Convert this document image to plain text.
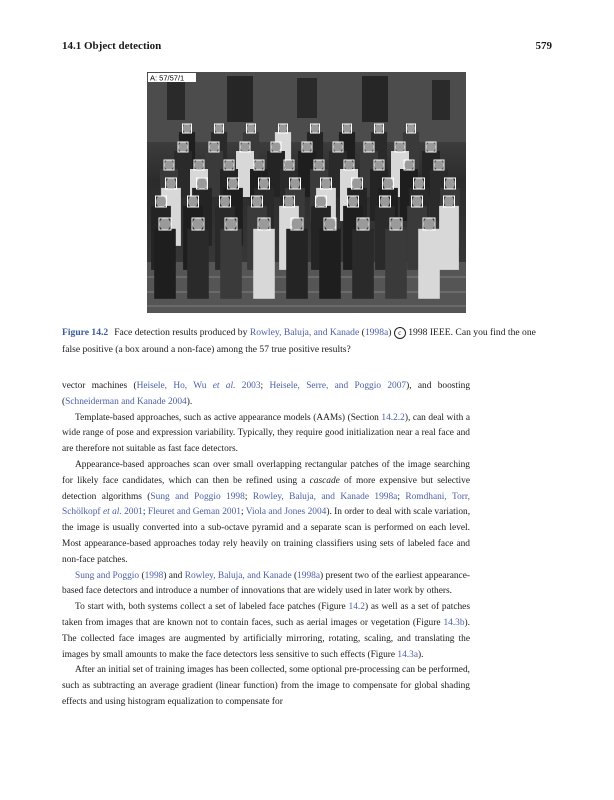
14.1 Object detection	579
A: 57/57/1
Figure 14.2 Face detection results produced by Rowley, Baluja, and Kanade (1998a) c 1998 IEEE. Can you find the one false positive (a box around a non-face) among the 57 true positive results?

vector machines (Heisele, Ho, Wu et al. 2003; Heisele, Serre, and Poggio 2007), and boosting (Schneiderman and Kanade 2004).

Template-based approaches, such as active appearance models (AAMs) (Section 14.2.2), can deal with a wide range of pose and expression variability. Typically, they require good initialization near a real face and are therefore not suitable as fast face detectors.

Appearance-based approaches scan over small overlapping rectangular patches of the image searching for likely face candidates, which can then be refined using a cascade of more expensive but selective detection algorithms (Sung and Poggio 1998; Rowley, Baluja, and Kanade 1998a; Romdhani, Torr, Schölkopf et al. 2001; Fleuret and Geman 2001; Viola and Jones 2004). In order to deal with scale variation, the image is usually converted into a sub-octave pyramid and a separate scan is performed on each level. Most appearance-based approaches today rely heavily on training classifiers using sets of labeled face and non-face patches.

Sung and Poggio (1998) and Rowley, Baluja, and Kanade (1998a) present two of the earliest appearance-based face detectors and introduce a number of innovations that are widely used in later work by others.

To start with, both systems collect a set of labeled face patches (Figure 14.2) as well as a set of patches taken from images that are known not to contain faces, such as aerial images or vegetation (Figure 14.3b). The collected face images are augmented by artificially mirroring, rotating, scaling, and translating the images by small amounts to make the face detectors less sensitive to such effects (Figure 14.3a).

After an initial set of training images has been collected, some optional pre-processing can be performed, such as subtracting an average gradient (linear function) from the image to compensate for global shading effects and using histogram equalization to compensate for
